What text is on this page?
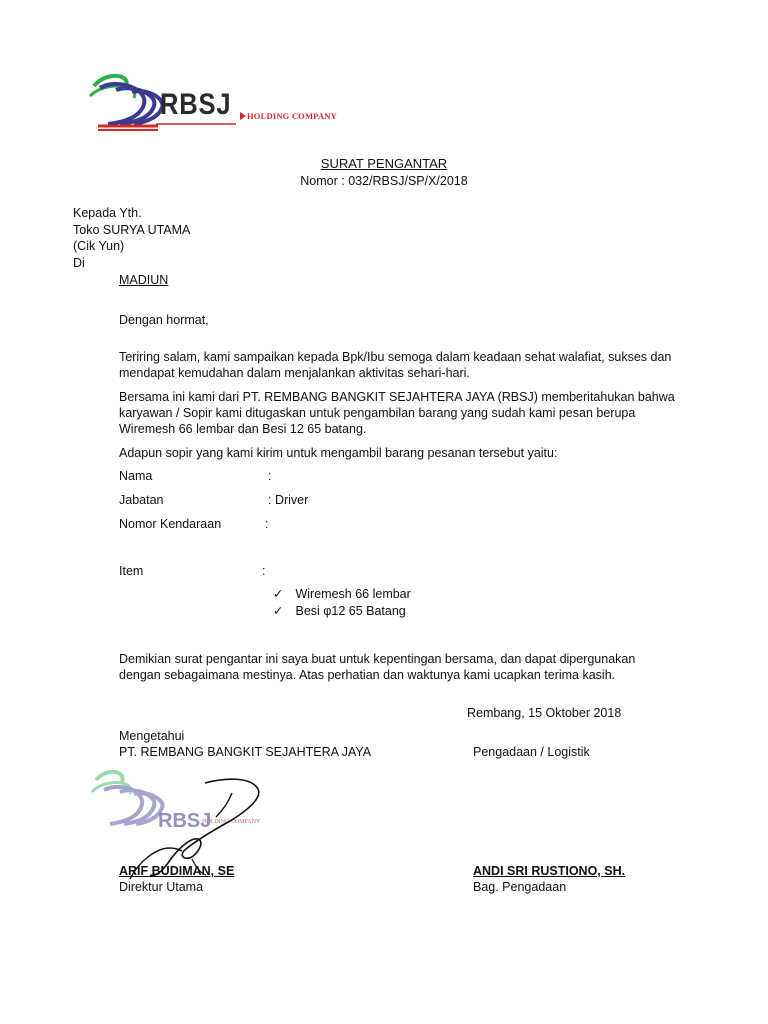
RBSJ HOLDING COMPANY
SURAT PENGANTAR
Nomor : 032/RBSJ/SP/X/2018
Kepada Yth.
Toko SURYA UTAMA
(Cik Yun)
Di
MADIUN
Dengan hormat,
Teriring salam, kami sampaikan kepada Bpk/Ibu semoga dalam keadaan sehat walafiat, sukses dan
mendapat kemudahan dalam menjalankan aktivitas sehari-hari.
Bersama ini kami dari PT. REMBANG BANGKIT SEJAHTERA JAYA (RBSJ) memberitahukan bahwa
karyawan / Sopir kami ditugaskan untuk pengambilan barang yang sudah kami pesan berupa
Wiremesh 66 lembar dan Besi 12 65 batang.
Adapun sopir yang kami kirim untuk mengambil barang pesanan tersebut yaitu:
Nama	:
Jabatan	: Driver
Nomor Kendaraan	:
Item	:
✓ Wiremesh 66 lembar
✓ Besi φ12 65 Batang
Demikian surat pengantar ini saya buat untuk kepentingan bersama, dan dapat dipergunakan
dengan sebagaimana mestinya. Atas perhatian dan waktunya kami ucapkan terima kasih.
Rembang, 15 Oktober 2018
Mengetahui
PT. REMBANG BANGKIT SEJAHTERA JAYA	Pengadaan / Logistik
RBSJ
HOLDING COMPANY
ARIF BUDIMAN, SE
Direktur Utama
ANDI SRI RUSTIONO, SH.
Bag. Pengadaan
